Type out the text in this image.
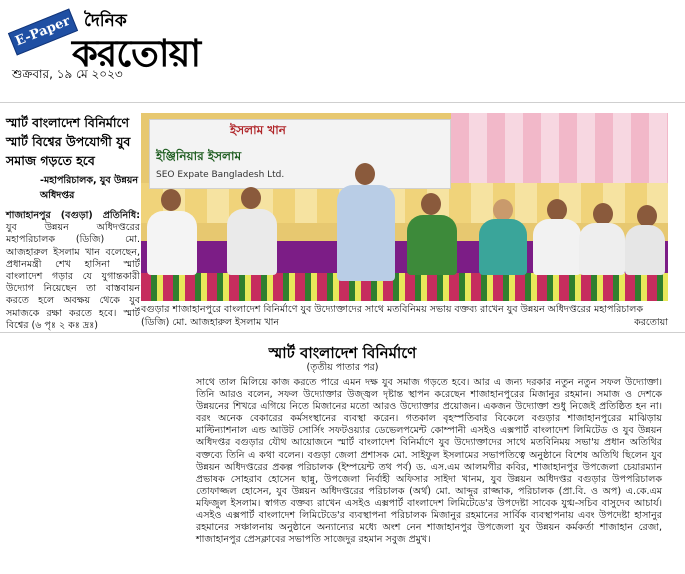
E-Paper দৈনিক
করতোয়া
শুক্রবার, ১৯ মে ২০২৩

স্মার্ট বাংলাদেশ বিনির্মাণে স্মার্ট বিশ্বের উপযোগী যুব সমাজ গড়তে হবে

-মহাপরিচালক, যুব উন্নয়ন অধিদপ্তর

শাজাহানপুর (বগুড়া) প্রতিনিধি: যুব উন্নয়ন অধিদপ্তরের মহাপরিচালক (ডিজি) মো. আজহারুল ইসলাম খান বলেছেন, প্রধানমন্ত্রী শেখ হাসিনা স্মার্ট বাংলাদেশ গড়ার যে যুগান্তকারী উদ্যোগ নিয়েছেন তা বাস্তবায়ন করতে হলে অবক্ষয় থেকে যুব সমাজকে রক্ষা করতে হবে। স্মার্ট বিশ্বের (৬ পৃঃ ২ কঃ দ্রঃ)

ইসলাম খান
ইঞ্জিনিয়ার ইসলাম
SEO Expate Bangladesh Ltd.
বগুড়ার শাজাহানপুরে বাংলাদেশ বিনির্মাণে যুব উদ্যোক্তাদের সাথে মতবিনিময় সভায় বক্তব্য রাখেন যুব উন্নয়ন অধিদপ্তরের মহাপরিচালক (ডিজি) মো. আজহারুল ইসলাম খান	করতোয়া
স্মার্ট বাংলাদেশ বিনির্মাণে
(তৃতীয় পাতার পর)

সাথে তাল মিলিয়ে কাজ করতে পারে এমন দক্ষ যুব সমাজ গড়তে হবে। আর এ জন্য দরকার নতুন নতুন সফল উদ্যোক্তা। তিনি আরও বলেন, সফল উদ্যোক্তার উজ্জ্বল দৃষ্টান্ত স্থাপন করেছেন শাজাহানপুরের মিজানুর রহমান। সমাজ ও দেশকে উন্নয়নের শিখরে এগিয়ে নিতে মিজানের মতো আরও উদ্যোক্তার প্রয়োজন। একজন উদ্যোক্তা শুধু নিজেই প্রতিষ্ঠিত হন না। বরং অনেক বেকারের কর্মসংস্থানের ব্যবস্থা করেন। গতকাল বৃহস্পতিবার বিকেলে বগুড়ার শাজাহানপুরের মাঝিড়ায় মাল্টিন্যাশনাল এন্ড আউট সোর্সিং সফটওয়্যার ডেভেলপমেন্ট কোম্পানী এসইও এক্সপার্ট বাংলাদেশ লিমিটেড ও যুব উন্নয়ন অধিদপ্তর বগুড়ার যৌথ আয়োজনে স্মার্ট বাংলাদেশ বিনির্মাণে যুব উদ্যোক্তাদের সাথে মতবিনিময় সভা'য় প্রধান অতিথির বক্তব্যে তিনি এ কথা বলেন। বগুড়া জেলা প্রশাসক মো. সাইফুল ইসলামের সভাপতিত্বে অনুষ্ঠানে বিশেষ অতিথি ছিলেন যুব উন্নয়ন অধিদপ্তরের প্রকল্প পরিচালক (ইম্পয়েন্ট তথ পর্ব) ড. এস.এম আলমগীর কবির, শাজাহানপুর উপজেলা চেয়ারম্যান প্রভাষক সোহরাব হোসেন ছান্নু, উপজেলা নির্বাহী অফিসার সাইদা খানম, যুব উন্নয়ন অধিদপ্তর বগুড়ার উপপরিচালক তোফাজ্জল হোসেন, যুব উন্নয়ন অধিদপ্তরের পরিচালক (অর্থ) মো. আব্দুর রাজ্জাক, পরিচালক (প্রা.বি. ও অপ) এ.কে.এম মফিজুল ইসলাম। স্বাগত বক্তব্য রাখেন এসইও এক্সপার্ট বাংলাদেশ লিমিটেডে'র উপদেষ্টা সাবেক যুগ্ম-সচিব বাসুদেব আচার্য। এসইও এক্সপার্ট বাংলাদেশ লিমিটেডে'র ব্যবস্থাপনা পরিচালক মিজানুর রহমানের সার্বিক ব্যবস্থাপনায় এবং উপদেষ্টা হাসানুর রহমানের সঞ্চালনায় অনুষ্ঠানে অন্যান্যের মধ্যে অংশ নেন শাজাহানপুর উপজেলা যুব উন্নয়ন কর্মকর্তা শাজাহান রেজা, শাজাহানপুর প্রেসক্লাবের সভাপতি সাজেদুর রহমান সবুজ প্রমুখ।
